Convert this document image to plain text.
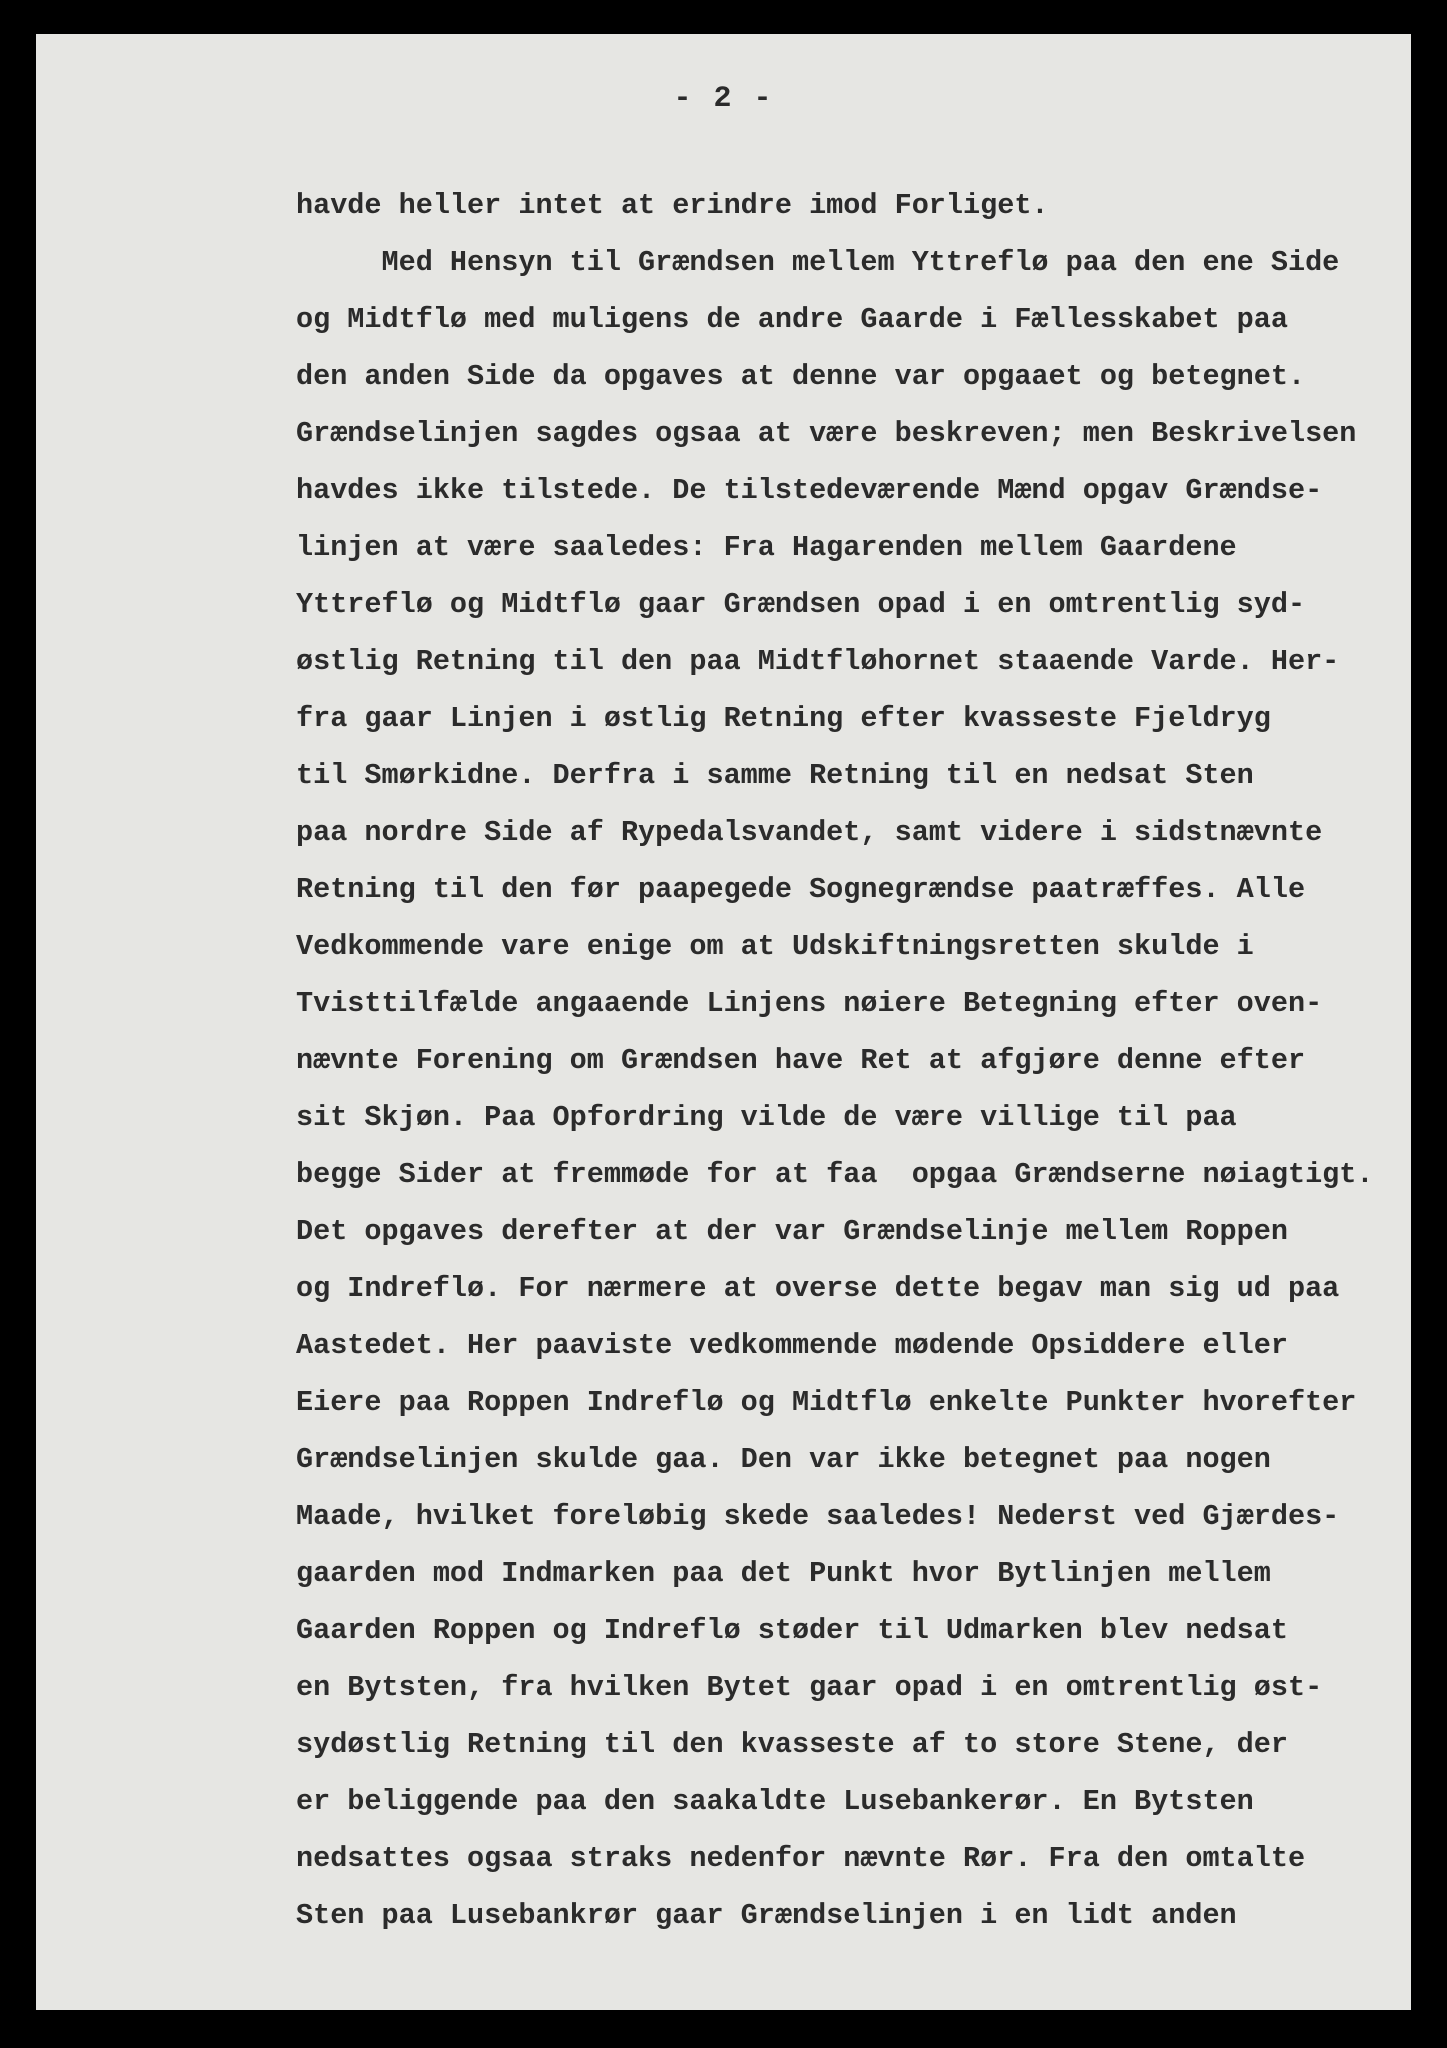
- 2 -
havde heller intet at erindre imod Forliget.
Med Hensyn til Grændsen mellem Yttreflø paa den ene Side
og Midtflø med muligens de andre Gaarde i Fællesskabet paa
den anden Side da opgaves at denne var opgaaet og betegnet.
Grændselinjen sagdes ogsaa at være beskreven; men Beskrivelsen
havdes ikke tilstede. De tilstedeværende Mænd opgav Grændse-
linjen at være saaledes: Fra Hagarenden mellem Gaardene
Yttreflø og Midtflø gaar Grændsen opad i en omtrentlig syd-
østlig Retning til den paa Midtfløhornet staaende Varde. Her-
fra gaar Linjen i østlig Retning efter kvasseste Fjeldryg
til Smørkidne. Derfra i samme Retning til en nedsat Sten
paa nordre Side af Rypedalsvandet, samt videre i sidstnævnte
Retning til den før paapegede Sognegrændse paatræffes. Alle
Vedkommende vare enige om at Udskiftningsretten skulde i
Tvisttilfælde angaaende Linjens nøiere Betegning efter oven-
nævnte Forening om Grændsen have Ret at afgjøre denne efter
sit Skjøn. Paa Opfordring vilde de være villige til paa
begge Sider at fremmøde for at faa  opgaa Grændserne nøiagtigt.
Det opgaves derefter at der var Grændselinje mellem Roppen
og Indreflø. For nærmere at overse dette begav man sig ud paa
Aastedet. Her paaviste vedkommende mødende Opsiddere eller
Eiere paa Roppen Indreflø og Midtflø enkelte Punkter hvorefter
Grændselinjen skulde gaa. Den var ikke betegnet paa nogen
Maade, hvilket foreløbig skede saaledes! Nederst ved Gjærdes-
gaarden mod Indmarken paa det Punkt hvor Bytlinjen mellem
Gaarden Roppen og Indreflø støder til Udmarken blev nedsat
en Bytsten, fra hvilken Bytet gaar opad i en omtrentlig øst-
sydøstlig Retning til den kvasseste af to store Stene, der
er beliggende paa den saakaldte Lusebankerør. En Bytsten
nedsattes ogsaa straks nedenfor nævnte Rør. Fra den omtalte
Sten paa Lusebankrør gaar Grændselinjen i en lidt anden
